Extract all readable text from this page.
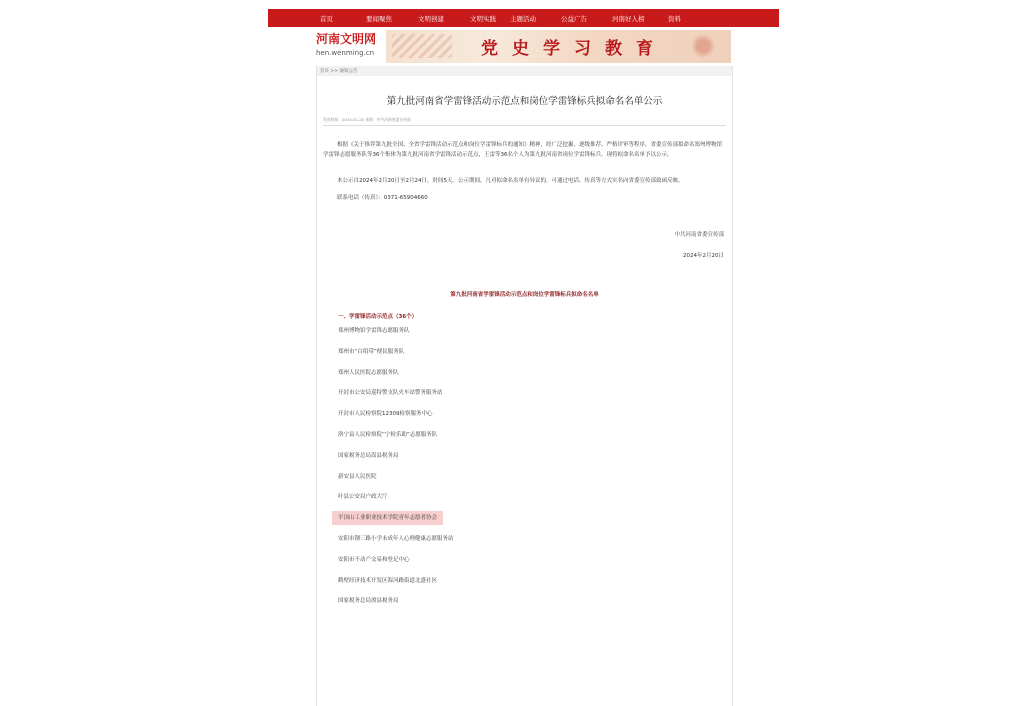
首页	要闻聚焦	文明创建	文明实践	主题活动	公益广告	河南好人榜	资料
河南文明网
hen.wenming.cn	党史学习教育
首页 >> 通知公告
第九批河南省学雷锋活动示范点和岗位学雷锋标兵拟命名名单公示
发布时间：2024-02-20 来源：中共河南省委宣传部
根据《关于推荐第九批全国、全省学雷锋活动示范点和岗位学雷锋标兵的通知》精神，经广泛挖掘、逐级推荐、严格评审等程序，省委宣传部拟命名郑州博物馆学雷锋志愿服务队等36个集体为第九批河南省学雷锋活动示范点，王雷等36名个人为第九批河南省岗位学雷锋标兵。现将拟命名名单予以公示。
本公示自2024年2月20日至2月24日，时间5天。公示期间，凡对拟命名名单有异议的，可通过电话、传真等方式实名向省委宣传部致函反映。
联系电话（传真）：0371-65904660
中共河南省委宣传部
2024年2月20日
第九批河南省学雷锋活动示范点和岗位学雷锋标兵拟命名名单
一、学雷锋活动示范点（36个）
郑州博物馆学雷锋志愿服务队
郑州市“白绢带”便民服务队
郑州人民医院志愿服务队
开封市公安局巡特警支队火车站警务服务站
开封市人民检察院12309检察服务中心
洛宁县人民检察院“宁检乐助”志愿服务队
国家税务总局嵩县税务局
新安县人民医院
叶县公安局户政大厅
平顶山工业职业技术学院青年志愿者协会
安阳市钢三路小学未成年人心理健康志愿服务站
安阳市不动产交易和登记中心
鹤壁经济技术开发区海河路街道北盛社区
国家税务总局浚县税务局
